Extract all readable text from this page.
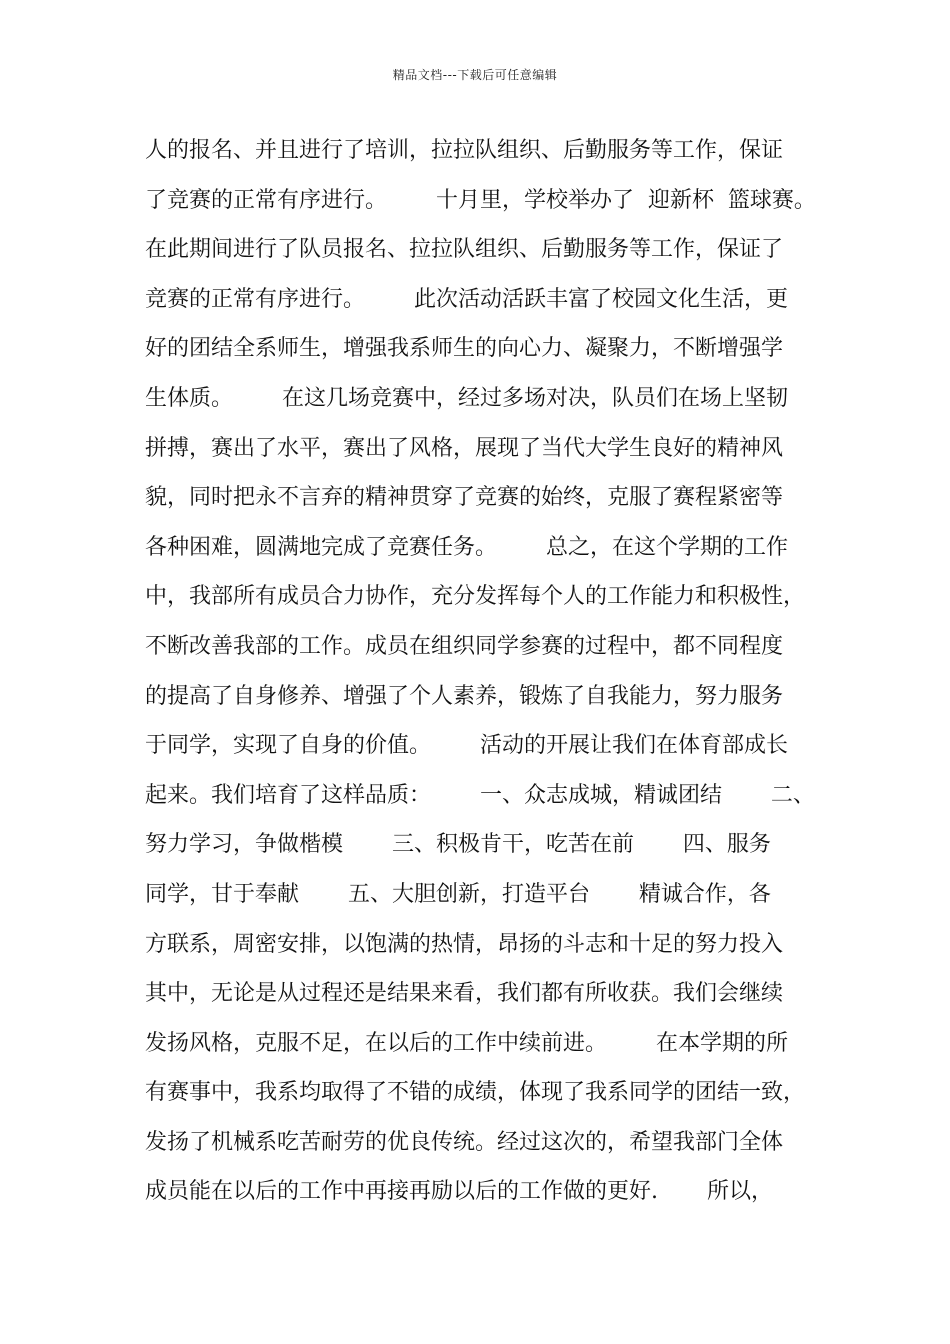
精品文档---下载后可任意编辑
人的报名、并且进行了培训，拉拉队组织、后勤服务等工作，保证
了竞赛的正常有序进行。       十月里，学校举办了  迎新杯  篮球赛。
在此期间进行了队员报名、拉拉队组织、后勤服务等工作，保证了
竞赛的正常有序进行。       此次活动活跃丰富了校园文化生活，更
好的团结全系师生，增强我系师生的向心力、凝聚力，不断增强学
生体质。       在这几场竞赛中，经过多场对决，队员们在场上坚韧
拼搏，赛出了水平，赛出了风格，展现了当代大学生良好的精神风
貌，同时把永不言弃的精神贯穿了竞赛的始终，克服了赛程紧密等
各种困难，圆满地完成了竞赛任务。       总之，在这个学期的工作
中，我部所有成员合力协作，充分发挥每个人的工作能力和积极性，
不断改善我部的工作。成员在组织同学参赛的过程中，都不同程度
的提高了自身修养、增强了个人素养，锻炼了自我能力，努力服务
于同学，实现了自身的价值。       活动的开展让我们在体育部成长
起来。我们培育了这样品质：       一、众志成城，精诚团结       二、
努力学习，争做楷模       三、积极肯干，吃苦在前       四、服务
同学，甘于奉献       五、大胆创新，打造平台       精诚合作，各
方联系，周密安排，以饱满的热情，昂扬的斗志和十足的努力投入
其中，无论是从过程还是结果来看，我们都有所收获。我们会继续
发扬风格，克服不足，在以后的工作中续前进。       在本学期的所
有赛事中，我系均取得了不错的成绩，体现了我系同学的团结一致，
发扬了机械系吃苦耐劳的优良传统。经过这次的，希望我部门全体
成员能在以后的工作中再接再励以后的工作做的更好.       所以，
